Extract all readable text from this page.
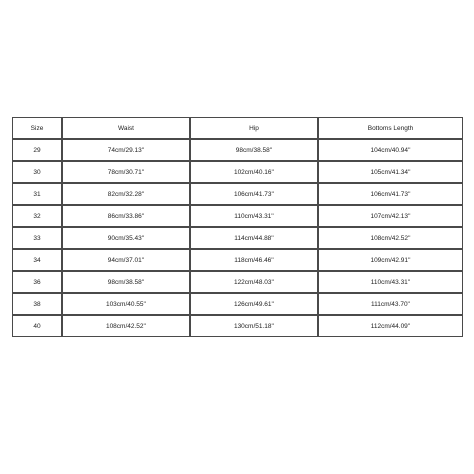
Size	Waist	Hip	Bottoms Length
29	74cm/29.13''	98cm/38.58''	104cm/40.94''
30	78cm/30.71''	102cm/40.16''	105cm/41.34''
31	82cm/32.28''	106cm/41.73''	106cm/41.73''
32	86cm/33.86''	110cm/43.31''	107cm/42.13''
33	90cm/35.43''	114cm/44.88''	108cm/42.52''
34	94cm/37.01''	118cm/46.46''	109cm/42.91''
36	98cm/38.58''	122cm/48.03''	110cm/43.31''
38	103cm/40.55''	126cm/49.61''	111cm/43.70''
40	108cm/42.52''	130cm/51.18''	112cm/44.09''
